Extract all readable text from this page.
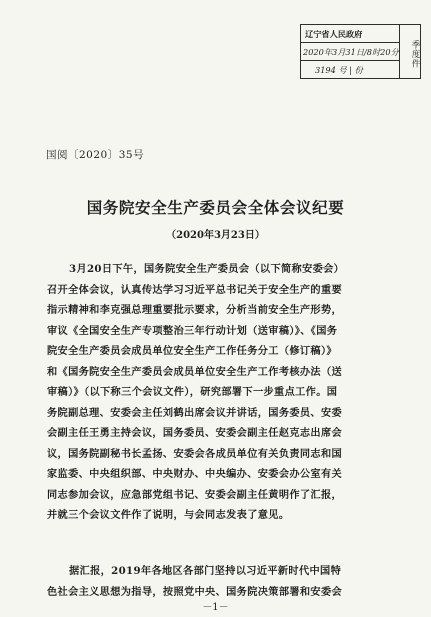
辽宁省人民政府
2020年3月31日/8时20分
3194 号 | 份
季度件
国阅〔2020〕35号
国务院安全生产委员会全体会议纪要
（2020年3月23日）
3月20日下午，国务院安全生产委员会（以下简称安委会）
召开全体会议，认真传达学习习近平总书记关于安全生产的重要
指示精神和李克强总理重要批示要求，分析当前安全生产形势，
审议《全国安全生产专项整治三年行动计划（送审稿）》、《国务
院安全生产委员会成员单位安全生产工作任务分工（修订稿）》
和《国务院安全生产委员会成员单位安全生产工作考核办法（送
审稿）》（以下称三个会议文件），研究部署下一步重点工作。国
务院副总理、安委会主任刘鹤出席会议并讲话，国务委员、安委
会副主任王勇主持会议，国务委员、安委会副主任赵克志出席会
议，国务院副秘书长孟扬、安委会各成员单位有关负责同志和国
家监委、中央组织部、中央财办、中央编办、安委会办公室有关
同志参加会议，应急部党组书记、安委会副主任黄明作了汇报，
并就三个会议文件作了说明，与会同志发表了意见。
据汇报，2019年各地区各部门坚持以习近平新时代中国特
色社会主义思想为指导，按照党中央、国务院决策部署和安委会
－1－
